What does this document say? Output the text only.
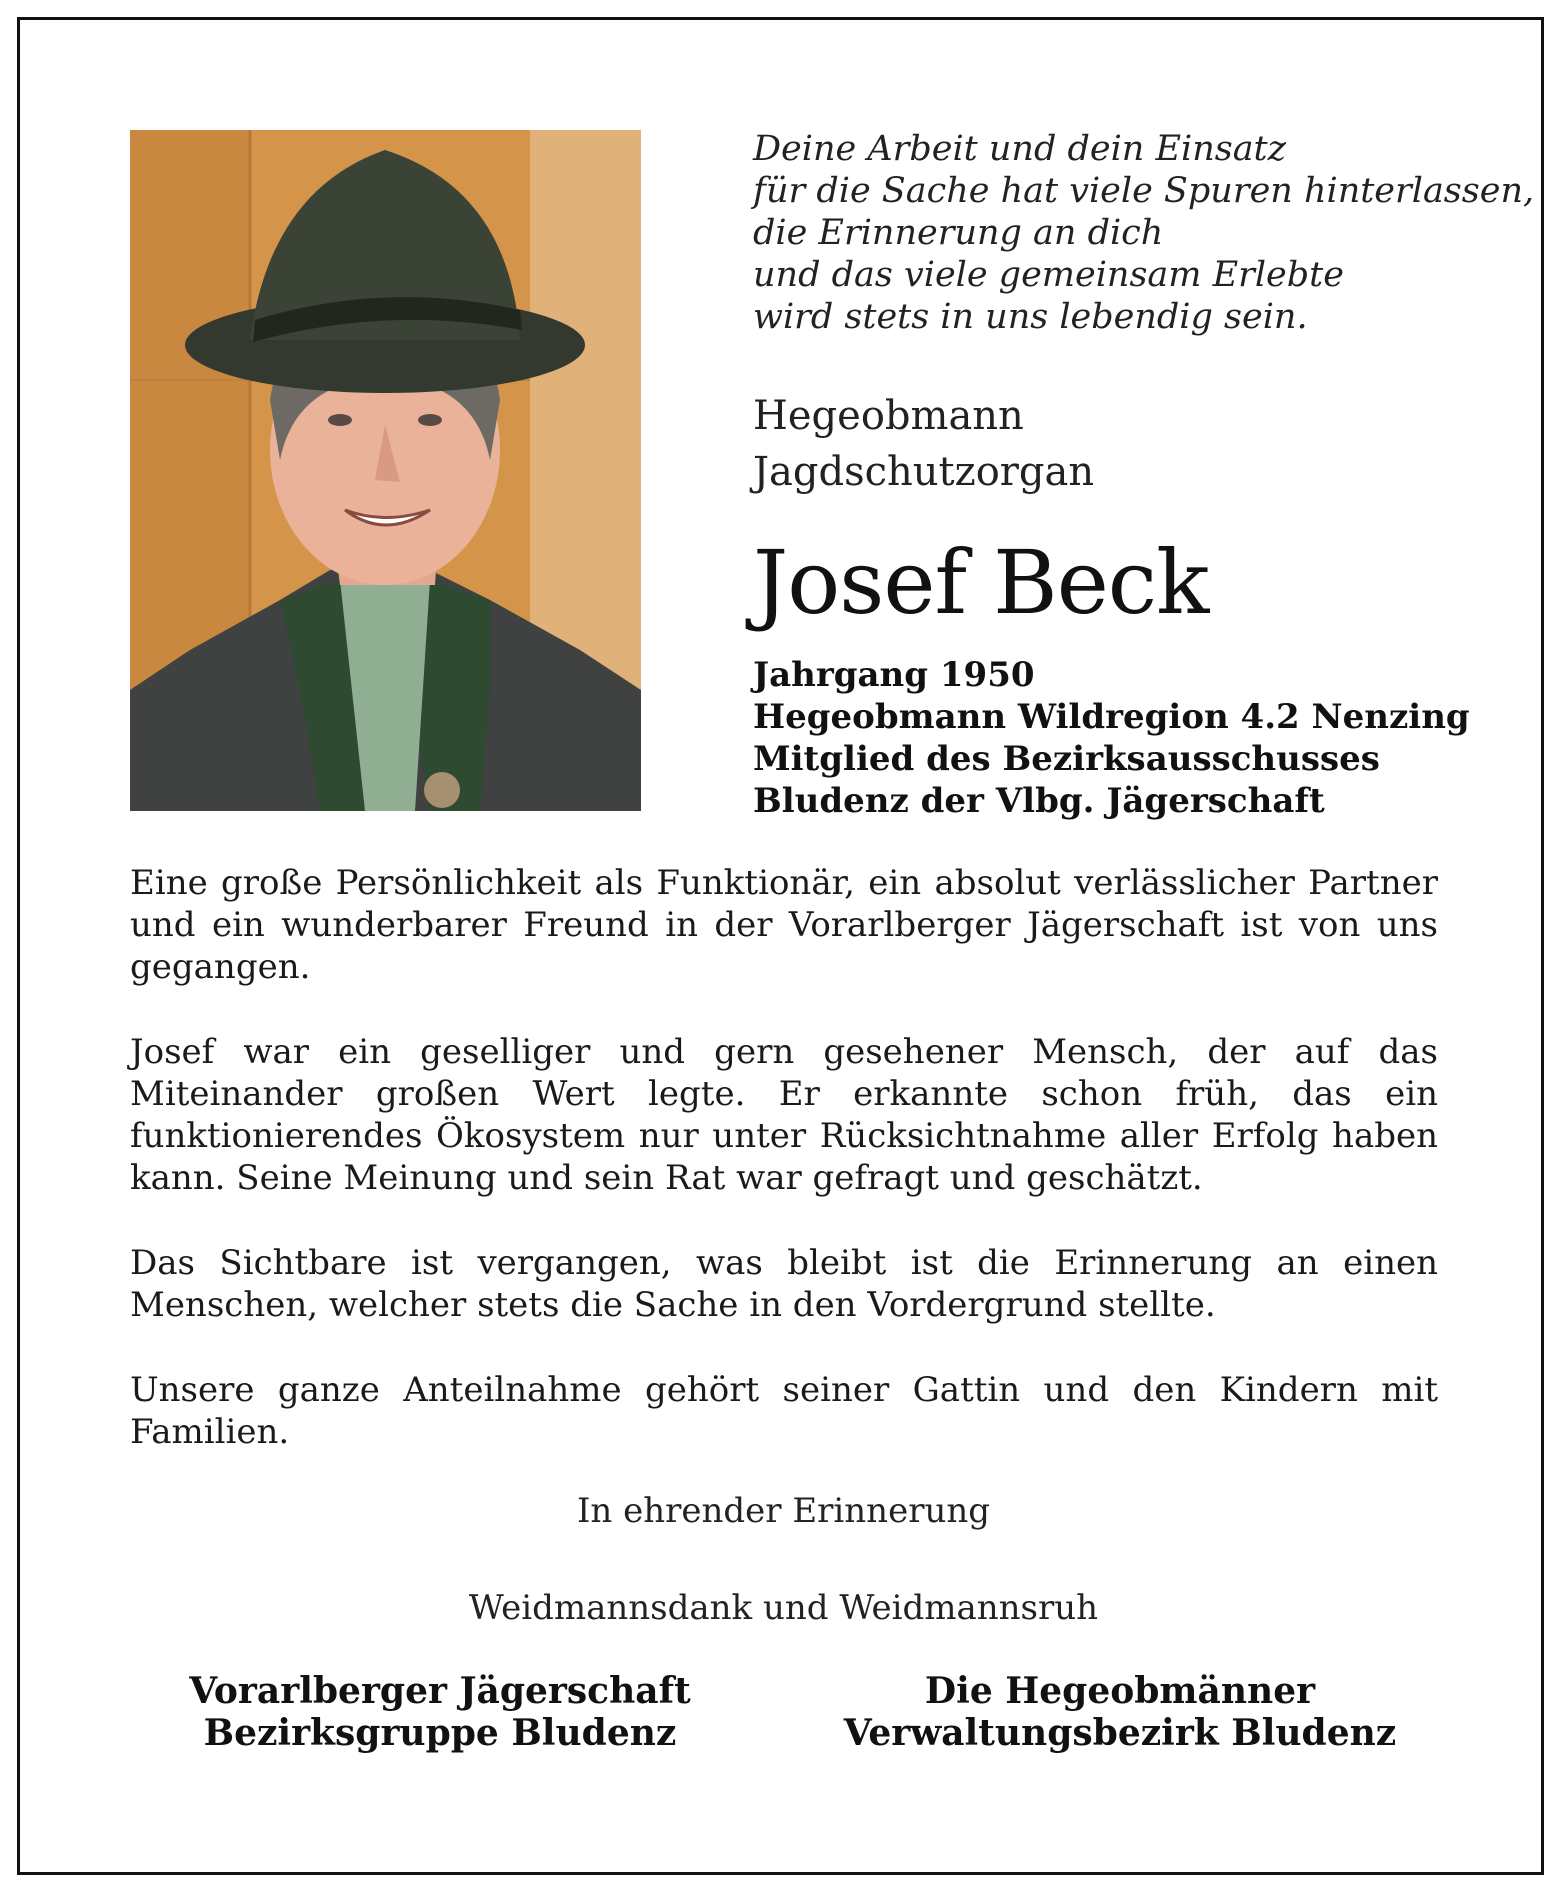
Deine Arbeit und dein Einsatz
für die Sache hat viele Spuren hinterlassen,
die Erinnerung an dich
und das viele gemeinsam Erlebte
wird stets in uns lebendig sein.
Hegeobmann
Jagdschutzorgan
Josef Beck
Jahrgang 1950
Hegeobmann Wildregion 4.2 Nenzing
Mitglied des Bezirksausschusses
Bludenz der Vlbg. Jägerschaft

Eine große Persönlichkeit als Funktionär, ein absolut verlässlicher Partner und ein wunderbarer Freund in der Vorarlberger Jägerschaft ist von uns gegangen.

Josef war ein geselliger und gern gesehener Mensch, der auf das Miteinander großen Wert legte. Er erkannte schon früh, das ein funktionierendes Ökosystem nur unter Rücksichtnahme aller Erfolg haben kann. Seine Meinung und sein Rat war gefragt und geschätzt.

Das Sichtbare ist vergangen, was bleibt ist die Erinnerung an einen Menschen, welcher stets die Sache in den Vordergrund stellte.

Unsere ganze Anteilnahme gehört seiner Gattin und den Kindern mit Familien.

In ehrender Erinnerung
Weidmannsdank und Weidmannsruh
Vorarlberger Jägerschaft
Bezirksgruppe Bludenz
Die Hegeobmänner
Verwaltungsbezirk Bludenz
